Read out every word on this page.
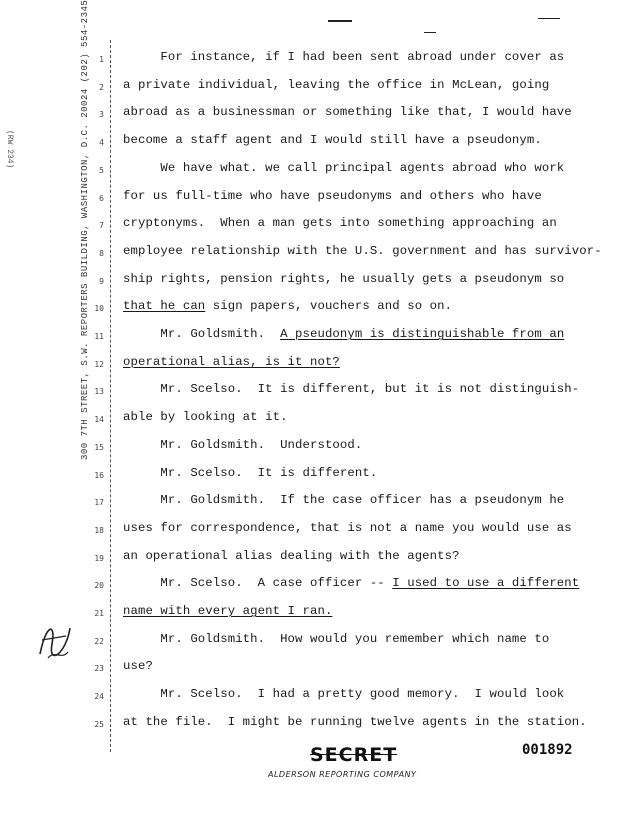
(RW 234)	300 7TH STREET, S.W. REPORTERS BUILDING, WASHINGTON, D.C. 20024 (202) 554-2345	1
2
3
4
5
6
7
8
9
10
11
12
13
14
15
16
17
18
19
20
21
22
23
24
25
For instance, if I had been sent abroad under cover as
a private individual, leaving the office in McLean, going
abroad as a businessman or something like that, I would have
become a staff agent and I would still have a pseudonym.
We have what. we call principal agents abroad who work
for us full-time who have pseudonyms and others who have
cryptonyms.  When a man gets into something approaching an
employee relationship with the U.S. government and has survivor-
ship rights, pension rights, he usually gets a pseudonym so
that he can sign papers, vouchers and so on.
Mr. Goldsmith.  A pseudonym is distinguishable from an
operational alias, is it not?
Mr. Scelso.  It is different, but it is not distinguish-
able by looking at it.
Mr. Goldsmith.  Understood.
Mr. Scelso.  It is different.
Mr. Goldsmith.  If the case officer has a pseudonym he
uses for correspondence, that is not a name you would use as
an operational alias dealing with the agents?
Mr. Scelso.  A case officer -- I used to use a different
name with every agent I ran.
Mr. Goldsmith.  How would you remember which name to
use?
Mr. Scelso.  I had a pretty good memory.  I would look
at the file.  I might be running twelve agents in the station.
SECRET	001892
ALDERSON REPORTING COMPANY
